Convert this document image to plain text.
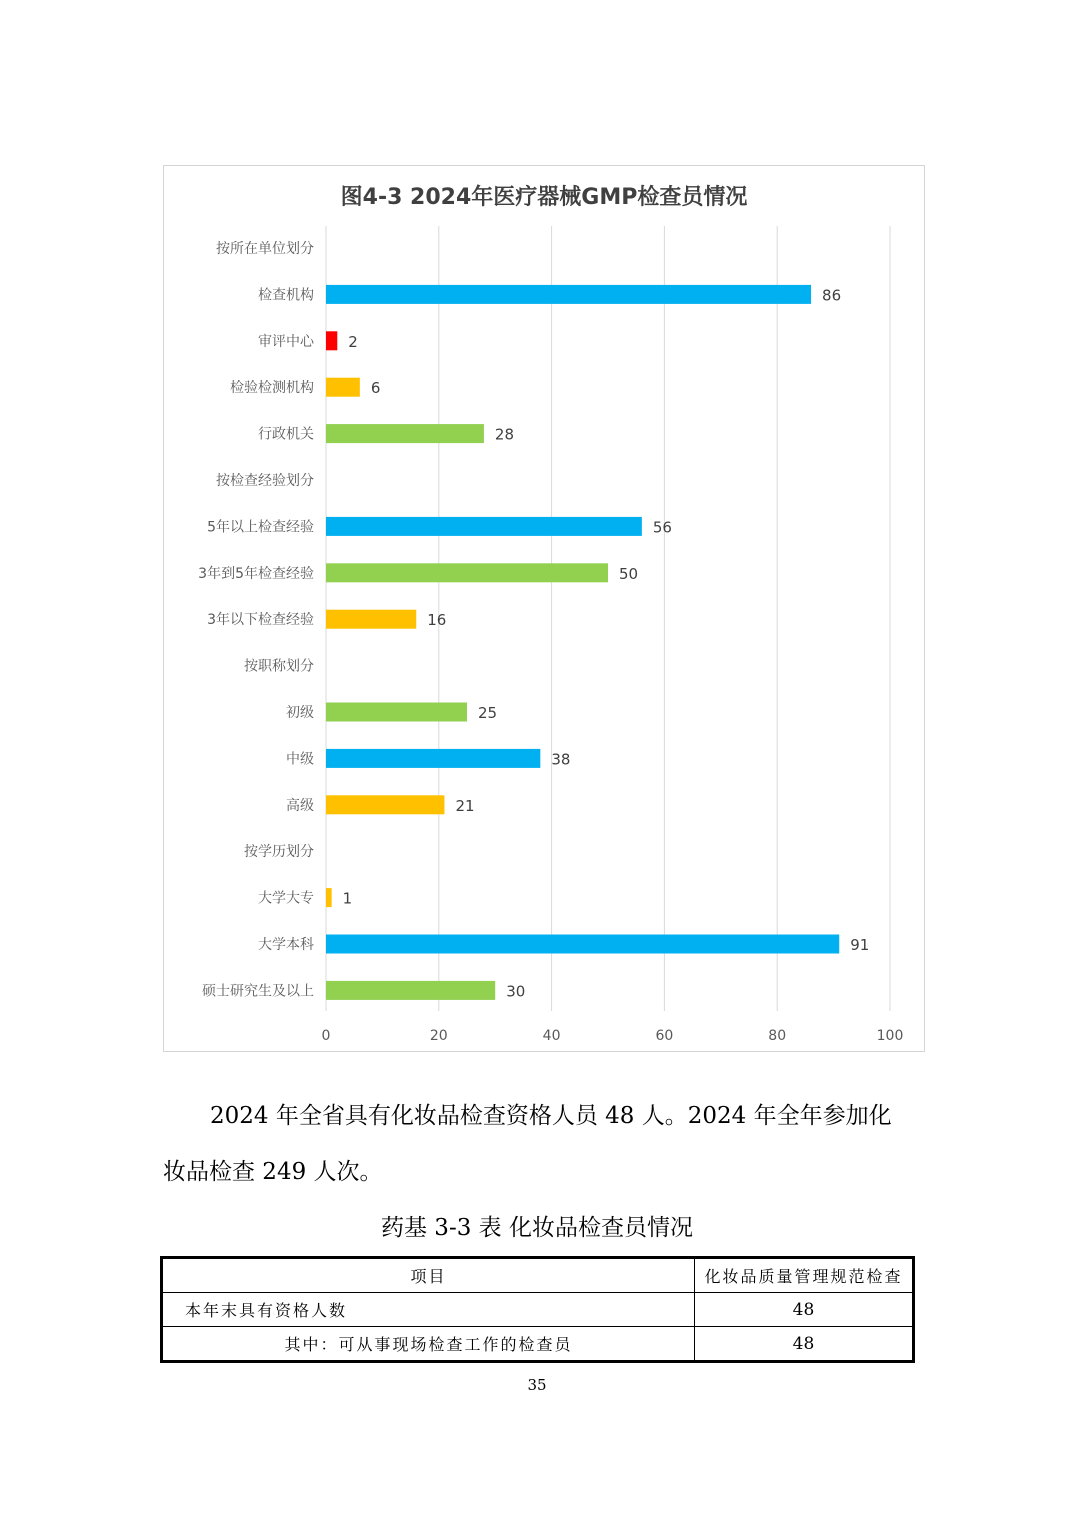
图4-3 2024年医疗器械GMP检查员情况
0	20	40	60	80	100
按所在单位划分
检查机构	86
审评中心 2
检验检测机构	6
行政机关	28
按检查经验划分
5年以上检查经验	56
3年到5年检查经验	50
3年以下检查经验	16
按职称划分
初级	25
中级	38
高级	21
按学历划分
大学大专 1
大学本科	91
硕士研究生及以上	30
2024 年全省具有化妆品检查资格人员 48 人。2024 年全年参加化
妆品检查 249 人次。
药基 3-3 表 化妆品检查员情况
项目	化妆品质量管理规范检查
本年末具有资格人数	48
其中：可从事现场检查工作的检查员	48
35
